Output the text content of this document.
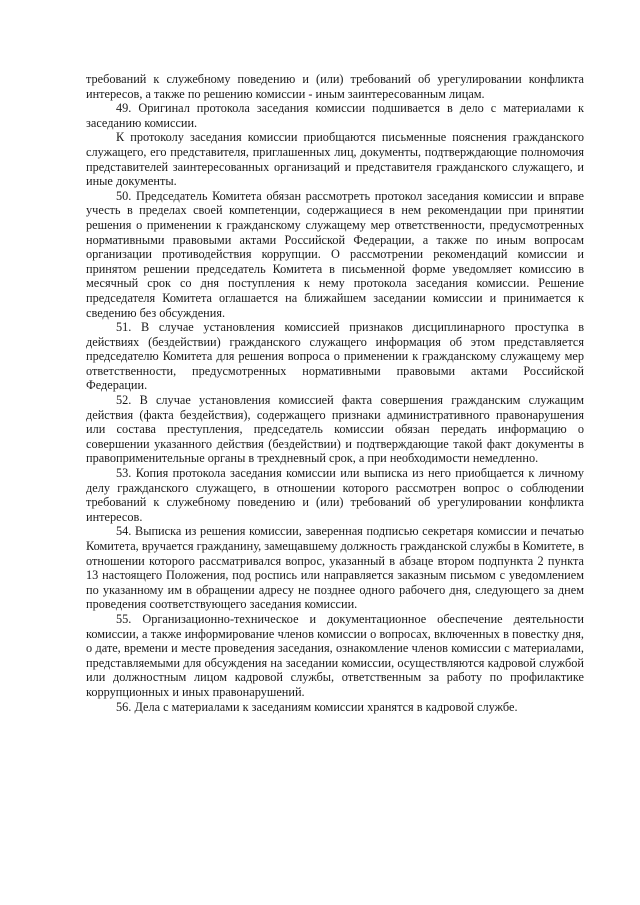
требований к служебному поведению и (или) требований об урегулировании конфликта интересов, а также по решению комиссии - иным заинтересованным лицам.

49. Оригинал протокола заседания комиссии подшивается в дело с материалами к заседанию комиссии.

К протоколу заседания комиссии приобщаются письменные пояснения гражданского служащего, его представителя, приглашенных лиц, документы, подтверждающие полномочия представителей заинтересованных организаций и представителя гражданского служащего, и иные документы.

50. Председатель Комитета обязан рассмотреть протокол заседания комиссии и вправе учесть в пределах своей компетенции, содержащиеся в нем рекомендации при принятии решения о применении к гражданскому служащему мер ответственности, предусмотренных нормативными правовыми актами Российской Федерации, а также по иным вопросам организации противодействия коррупции. О рассмотрении рекомендаций комиссии и принятом решении председатель Комитета в письменной форме уведомляет комиссию в месячный срок со дня поступления к нему протокола заседания комиссии. Решение председателя Комитета оглашается на ближайшем заседании комиссии и принимается к сведению без обсуждения.

51. В случае установления комиссией признаков дисциплинарного проступка в действиях (бездействии) гражданского служащего информация об этом представляется председателю Комитета для решения вопроса о применении к гражданскому служащему мер ответственности, предусмотренных нормативными правовыми актами Российской Федерации.

52. В случае установления комиссией факта совершения гражданским служащим действия (факта бездействия), содержащего признаки административного правонарушения или состава преступления, председатель комиссии обязан передать информацию о совершении указанного действия (бездействии) и подтверждающие такой факт документы в правоприменительные органы в трехдневный срок, а при необходимости немедленно.

53. Копия протокола заседания комиссии или выписка из него приобщается к личному делу гражданского служащего, в отношении которого рассмотрен вопрос о соблюдении требований к служебному поведению и (или) требований об урегулировании конфликта интересов.

54. Выписка из решения комиссии, заверенная подписью секретаря комиссии и печатью Комитета, вручается гражданину, замещавшему должность гражданской службы в Комитете, в отношении которого рассматривался вопрос, указанный в абзаце втором подпункта 2 пункта 13 настоящего Положения, под роспись или направляется заказным письмом с уведомлением по указанному им в обращении адресу не позднее одного рабочего дня, следующего за днем проведения соответствующего заседания комиссии.

55. Организационно-техническое и документационное обеспечение деятельности комиссии, а также информирование членов комиссии о вопросах, включенных в повестку дня, о дате, времени и месте проведения заседания, ознакомление членов комиссии с материалами, представляемыми для обсуждения на заседании комиссии, осуществляются кадровой службой или должностным лицом кадровой службы, ответственным за работу по профилактике коррупционных и иных правонарушений.

56. Дела с материалами к заседаниям комиссии хранятся в кадровой службе.
